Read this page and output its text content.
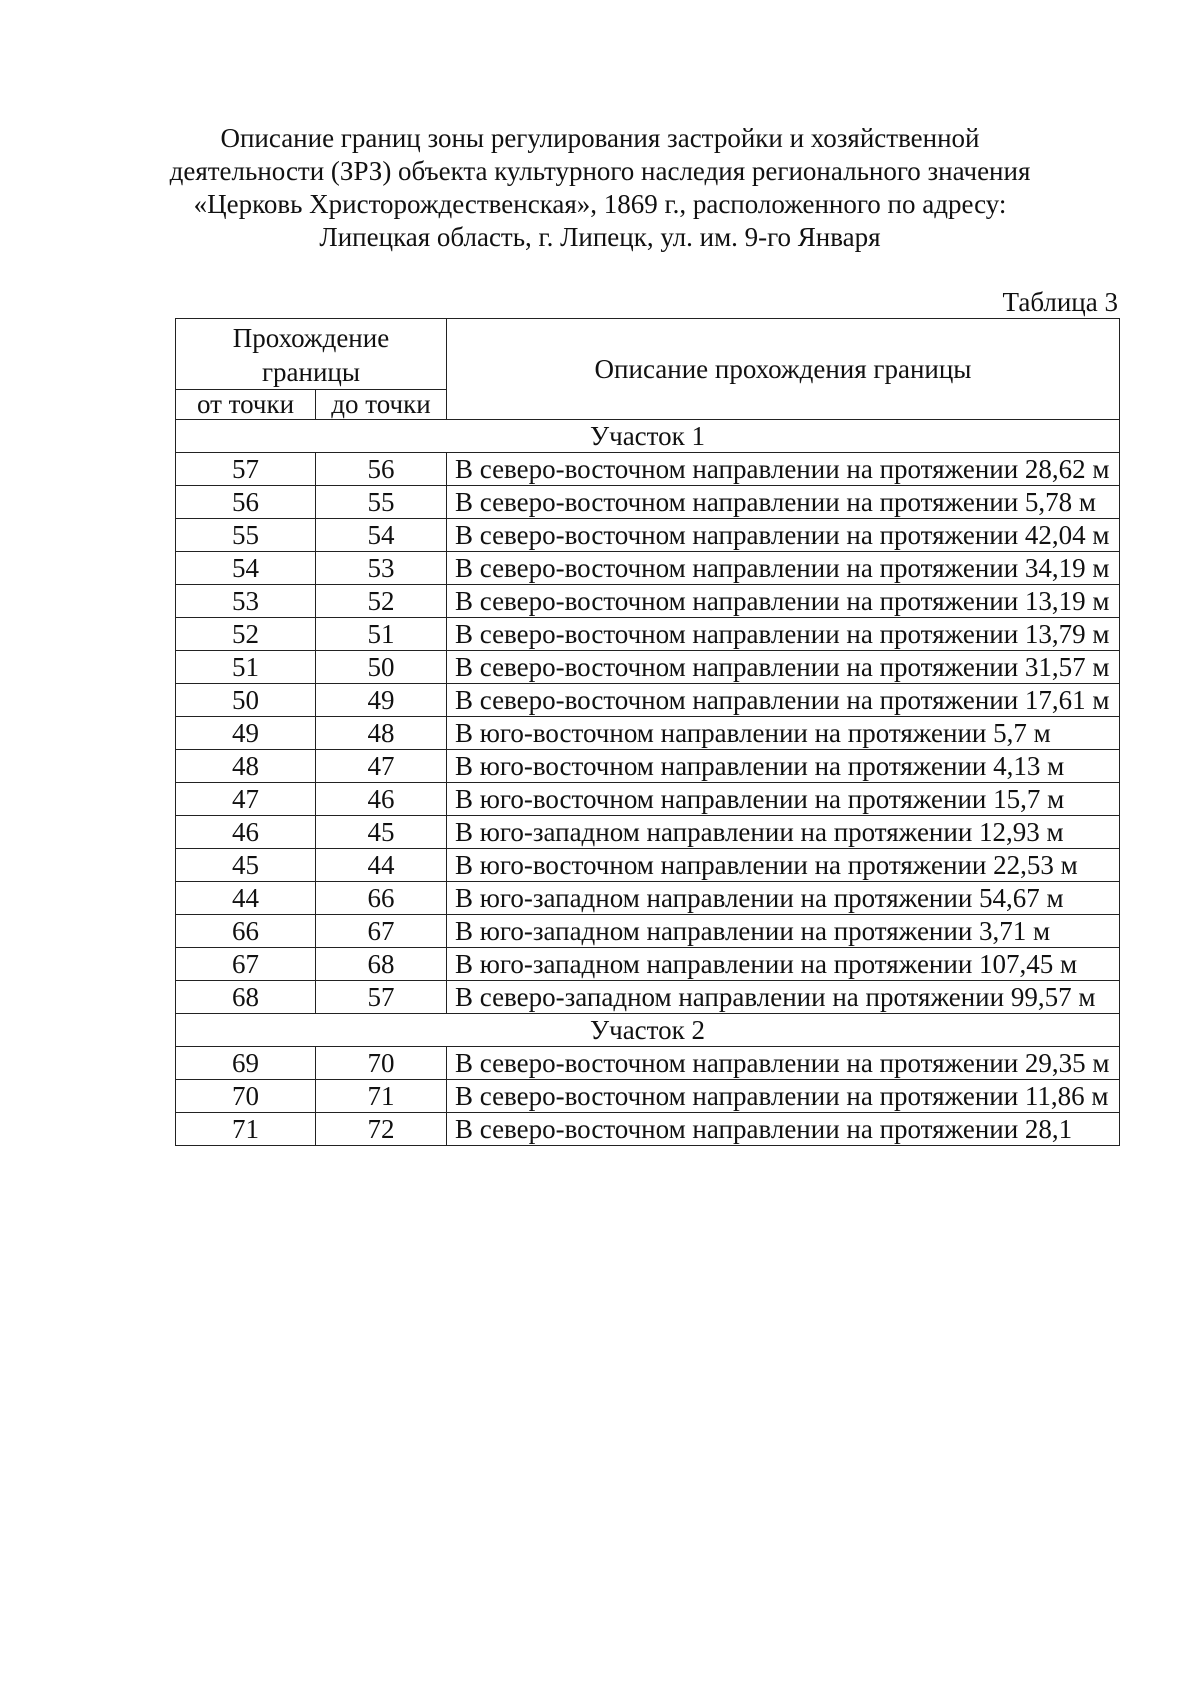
Описание границ зоны регулирования застройки и хозяйственной
деятельности (ЗРЗ) объекта культурного наследия регионального значения
«Церковь Христорождественская», 1869 г., расположенного по адресу:
Липецкая область, г. Липецк, ул. им. 9-го Января
Таблица 3
Прохождение границы		Описание прохождения границы
от точки	до точки	
Участок 1		
57	56	В северо-восточном направлении на протяжении 28,62 м
56	55	В северо-восточном направлении на протяжении 5,78 м
55	54	В северо-восточном направлении на протяжении 42,04 м
54	53	В северо-восточном направлении на протяжении 34,19 м
53	52	В северо-восточном направлении на протяжении 13,19 м
52	51	В северо-восточном направлении на протяжении 13,79 м
51	50	В северо-восточном направлении на протяжении 31,57 м
50	49	В северо-восточном направлении на протяжении 17,61 м
49	48	В юго-восточном направлении на протяжении 5,7 м
48	47	В юго-восточном направлении на протяжении 4,13 м
47	46	В юго-восточном направлении на протяжении 15,7 м
46	45	В юго-западном направлении на протяжении 12,93 м
45	44	В юго-восточном направлении на протяжении 22,53 м
44	66	В юго-западном направлении на протяжении 54,67 м
66	67	В юго-западном направлении на протяжении 3,71 м
67	68	В юго-западном направлении на протяжении 107,45 м
68	57	В северо-западном направлении на протяжении 99,57 м
Участок 2		
69	70	В северо-восточном направлении на протяжении 29,35 м
70	71	В северо-восточном направлении на протяжении 11,86 м
71	72	В северо-восточном направлении на протяжении 28,1
